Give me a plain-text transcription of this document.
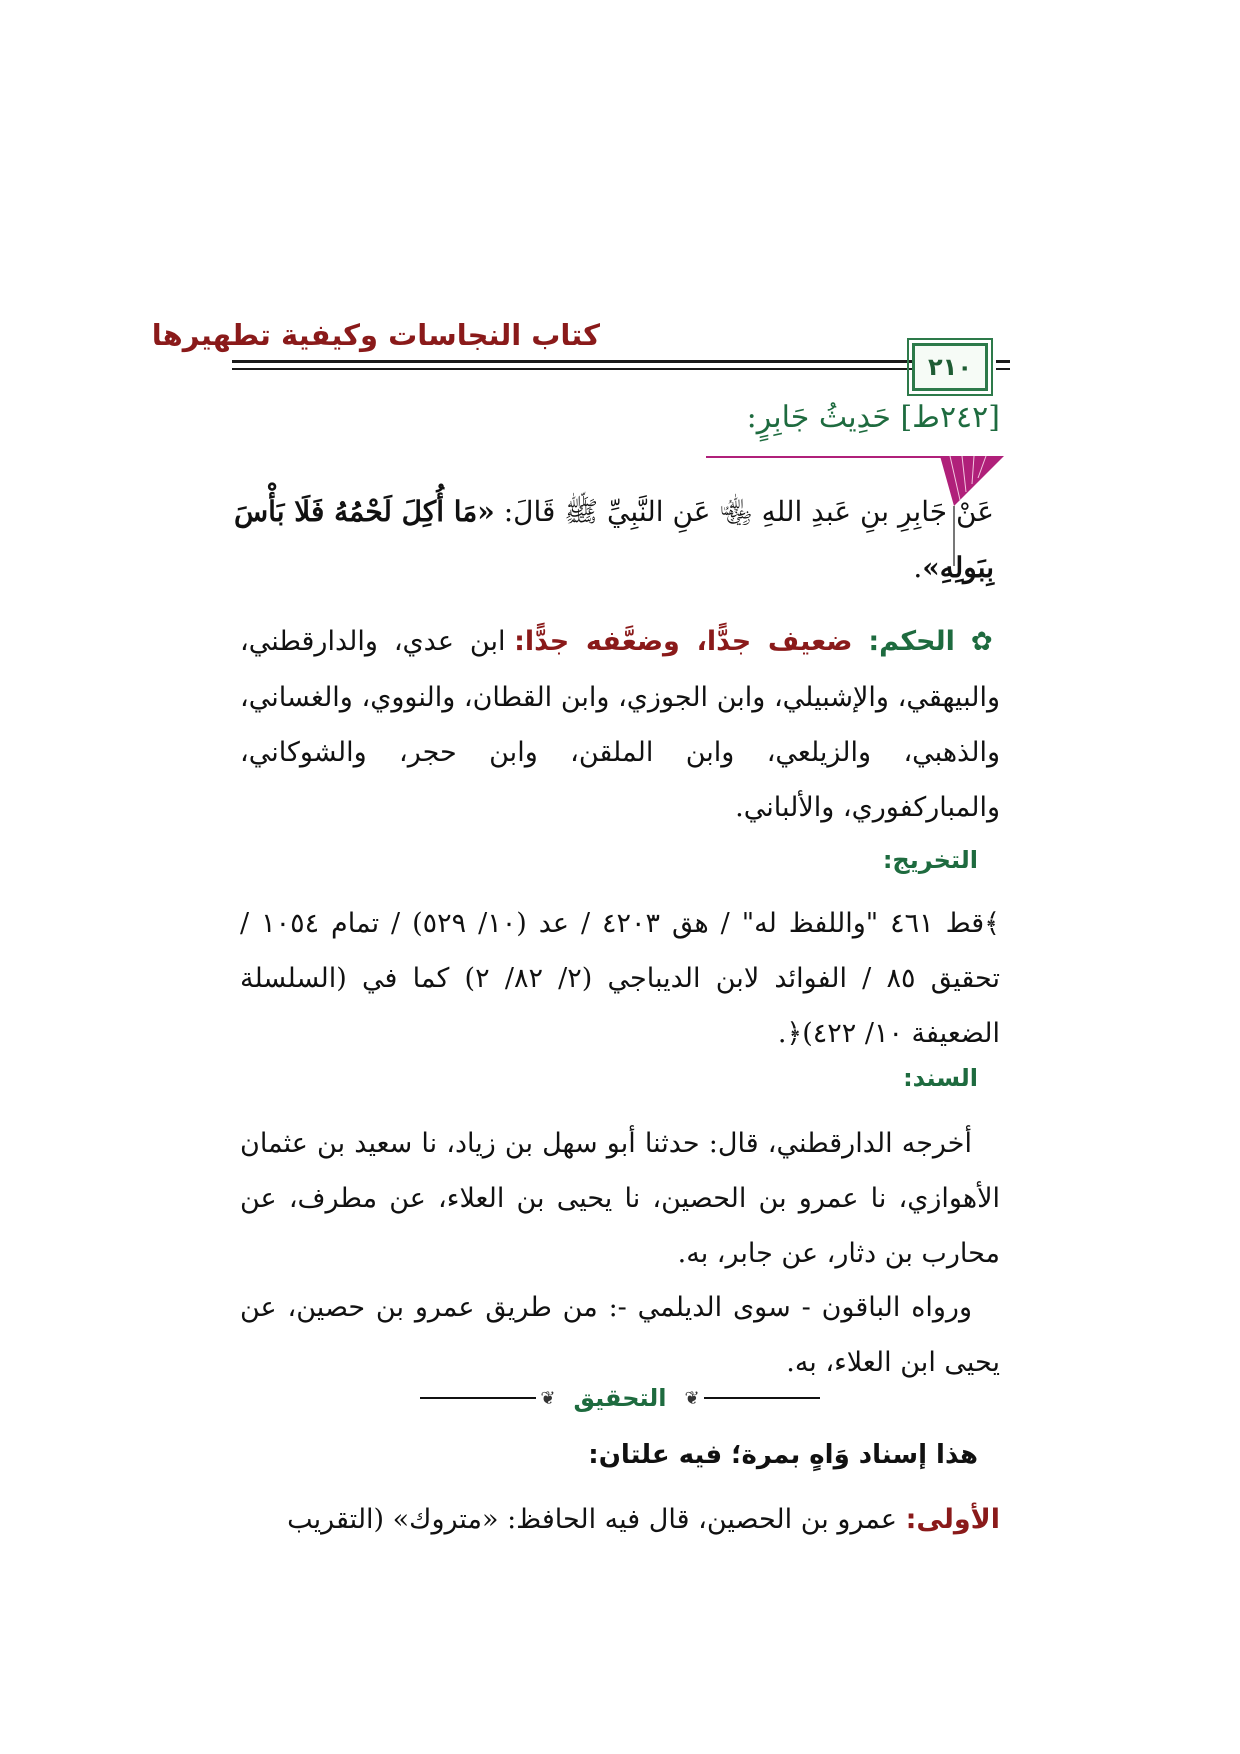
كتاب النجاسات وكيفية تطهيرها
٢١٠
[٢٤٢ط] حَدِيثُ جَابِرٍ:
عَنْ جَابِرِ بنِ عَبدِ اللهِ ﵄ عَنِ النَّبِيِّ ﷺ قَالَ: «مَا أُكِلَ لَحْمُهُ فَلَا بَأْسَ بِبَولِهِ».
✿ الحكم: ضعيف جدًّا، وضعَّفه جدًّا: ابن عدي، والدارقطني، والبيهقي، والإشبيلي، وابن الجوزي، وابن القطان، والنووي، والغساني، والذهبي، والزيلعي، وابن الملقن، وابن حجر، والشوكاني، والمباركفوري، والألباني.
التخريج:
﴾قط ٤٦١ "واللفظ له" / هق ٤٢٠٣ / عد (١٠/ ٥٢٩) / تمام ١٠٥٤ / تحقيق ٨٥ / الفوائد لابن الديباجي (٢/ ٨٢/ ٢) كما في (السلسلة الضعيفة ١٠/ ٤٢٢)﴿.
السند:
أخرجه الدارقطني، قال: حدثنا أبو سهل بن زياد، نا سعيد بن عثمان الأهوازي، نا عمرو بن الحصين، نا يحيى بن العلاء، عن مطرف، عن محارب بن دثار، عن جابر، به.
ورواه الباقون - سوى الديلمي -: من طريق عمرو بن حصين، عن يحيى ابن العلاء، به.
❦ التحقيق	❦
هذا إسناد وَاهٍ بمرة؛ فيه علتان:
الأولى: عمرو بن الحصين، قال فيه الحافظ: «متروك» (التقريب
